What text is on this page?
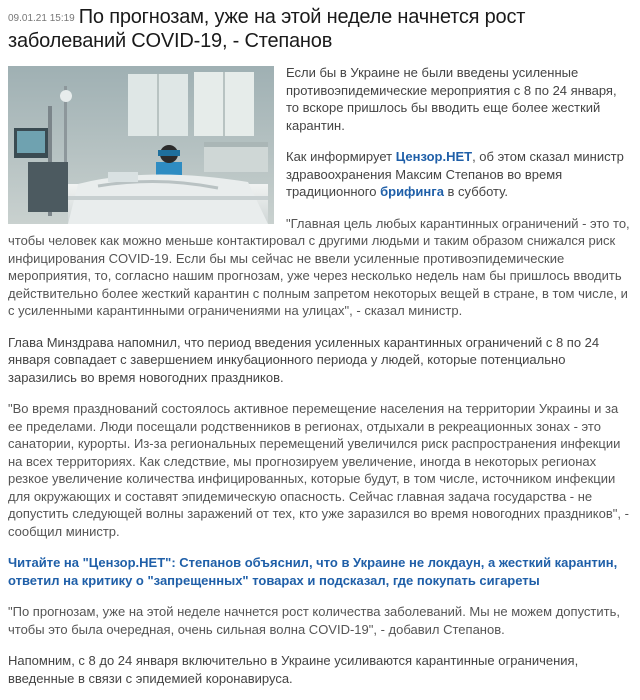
09.01.21 15:19 По прогнозам, уже на этой неделе начнется рост заболеваний COVID-19, - Степанов

Если бы в Украине не были введены усиленные противоэпидемические мероприятия с 8 по 24 января, то вскоре пришлось бы вводить еще более жесткий карантин.

Как информирует Цензор.НЕТ, об этом сказал министр здравоохранения Максим Степанов во время традиционного брифинга в субботу.

"Главная цель любых карантинных ограничений - это то, чтобы человек как можно меньше контактировал с другими людьми и таким образом снижался риск инфицирования COVID-19. Если бы мы сейчас не ввели усиленные противоэпидемические мероприятия, то, согласно нашим прогнозам, уже через несколько недель нам бы пришлось вводить действительно более жесткий карантин с полным запретом некоторых вещей в стране, в том числе, и с усиленными карантинными ограничениями на улицах", - сказал министр.

Глава Минздрава напомнил, что период введения усиленных карантинных ограничений с 8 по 24 января совпадает с завершением инкубационного периода у людей, которые потенциально заразились во время новогодних праздников.

"Во время празднований состоялось активное перемещение населения на территории Украины и за ее пределами. Люди посещали родственников в регионах, отдыхали в рекреационных зонах - это санатории, курорты. Из-за региональных перемещений увеличился риск распространения инфекции на всех территориях. Как следствие, мы прогнозируем увеличение, иногда в некоторых регионах резкое увеличение количества инфицированных, которые будут, в том числе, источником инфекции для окружающих и составят эпидемическую опасность. Сейчас главная задача государства - не допустить следующей волны заражений от тех, кто уже заразился во время новогодних праздников", - сообщил министр.

Читайте на "Цензор.НЕТ": Степанов объяснил, что в Украине не локдаун, а жесткий карантин, ответил на критику о "запрещенных" товарах и подсказал, где покупать сигареты

"По прогнозам, уже на этой неделе начнется рост количества заболеваний. Мы не можем допустить, чтобы это была очередная, очень сильная волна COVID-19", - добавил Степанов.

Напомним, с 8 до 24 января включительно в Украине усиливаются карантинные ограничения, введенные в связи с эпидемией коронавируса.
